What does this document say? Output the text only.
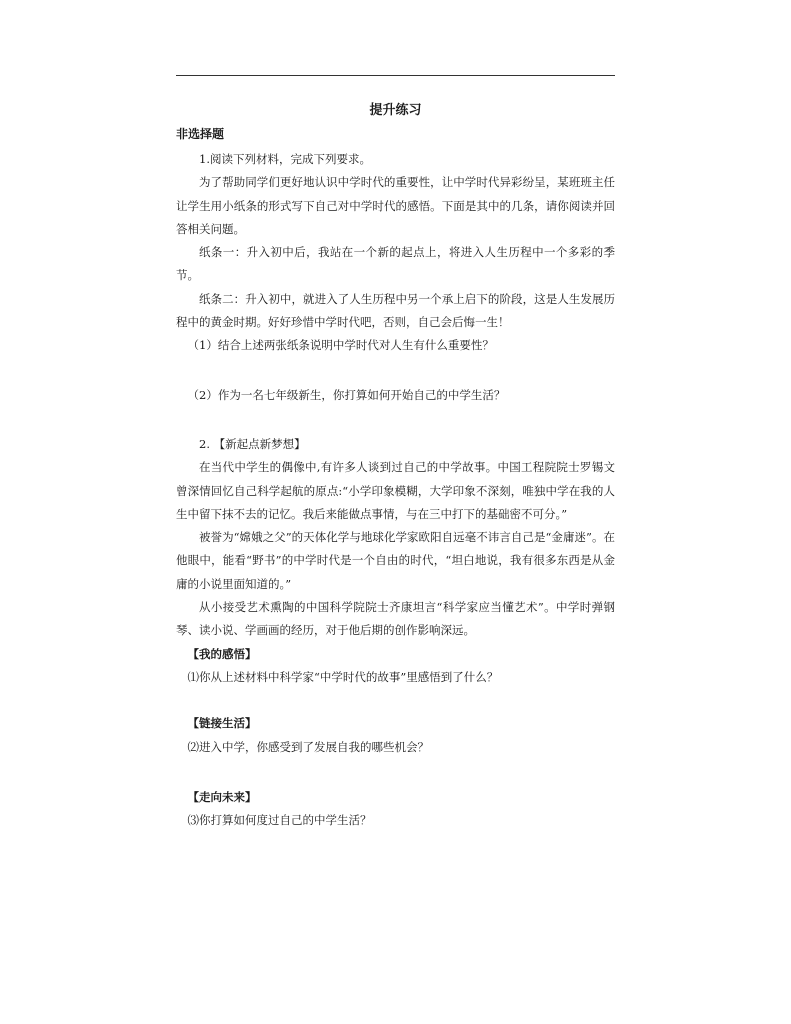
提升练习
非选择题

1.阅读下列材料，完成下列要求。

为了帮助同学们更好地认识中学时代的重要性，让中学时代异彩纷呈，某班班主任让学生用小纸条的形式写下自己对中学时代的感悟。下面是其中的几条，请你阅读并回答相关问题。

纸条一：升入初中后，我站在一个新的起点上，将进入人生历程中一个多彩的季节。

纸条二：升入初中，就进入了人生历程中另一个承上启下的阶段，这是人生发展历程中的黄金时期。好好珍惜中学时代吧，否则，自己会后悔一生！

（1）结合上述两张纸条说明中学时代对人生有什么重要性？

（2）作为一名七年级新生，你打算如何开始自己的中学生活？

2. 【新起点新梦想】

在当代中学生的偶像中,有许多人谈到过自己的中学故事。中国工程院院士罗锡文曾深情回忆自己科学起航的原点:“小学印象模糊，大学印象不深刻，唯独中学在我的人生中留下抹不去的记忆。我后来能做点事情，与在三中打下的基础密不可分。”

被誉为“嫦娥之父”的天体化学与地球化学家欧阳自远毫不讳言自己是“金庸迷”。在他眼中，能看“野书”的中学时代是一个自由的时代，“坦白地说，我有很多东西是从金庸的小说里面知道的。”

从小接受艺术熏陶的中国科学院院士齐康坦言“科学家应当懂艺术”。中学时弹钢琴、读小说、学画画的经历，对于他后期的创作影响深远。

【我的感悟】

⑴你从上述材料中科学家“中学时代的故事”里感悟到了什么？

【链接生活】

⑵进入中学，你感受到了发展自我的哪些机会？

【走向未来】

⑶你打算如何度过自己的中学生活？
